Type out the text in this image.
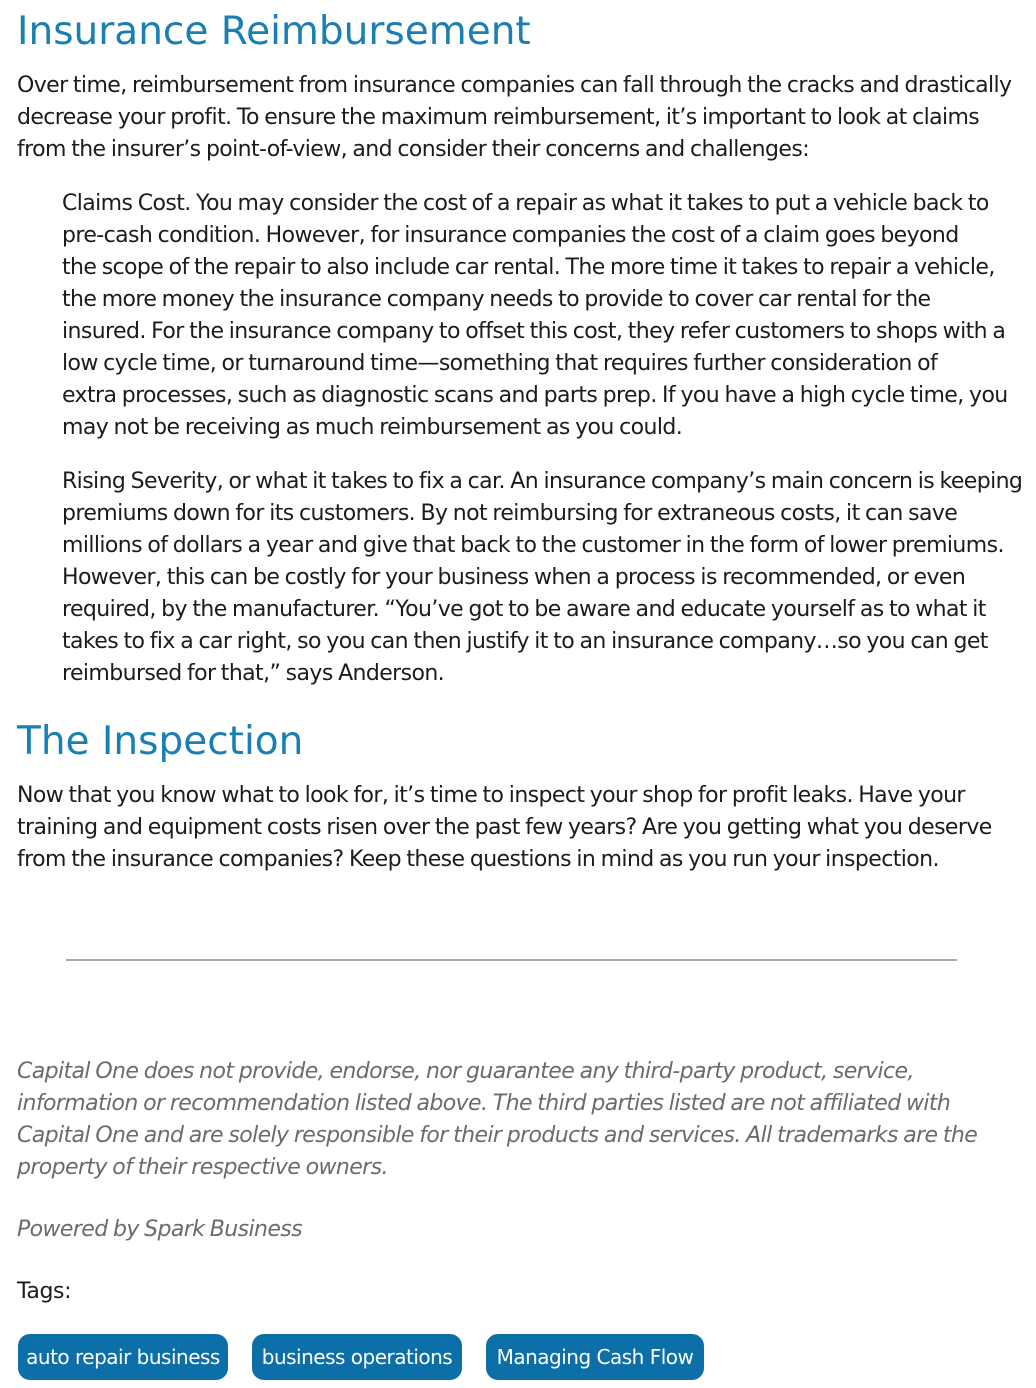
Insurance Reimbursement

Over time, reimbursement from insurance companies can fall through the cracks and drastically
decrease your profit. To ensure the maximum reimbursement, it’s important to look at claims
from the insurer’s point-of-view, and consider their concerns and challenges:

Claims Cost. You may consider the cost of a repair as what it takes to put a vehicle back to
pre-cash condition. However, for insurance companies the cost of a claim goes beyond
the scope of the repair to also include car rental. The more time it takes to repair a vehicle,
the more money the insurance company needs to provide to cover car rental for the
insured. For the insurance company to offset this cost, they refer customers to shops with a
low cycle time, or turnaround time—something that requires further consideration of
extra processes, such as diagnostic scans and parts prep. If you have a high cycle time, you
may not be receiving as much reimbursement as you could.

Rising Severity, or what it takes to fix a car. An insurance company’s main concern is keeping
premiums down for its customers. By not reimbursing for extraneous costs, it can save
millions of dollars a year and give that back to the customer in the form of lower premiums.
However, this can be costly for your business when a process is recommended, or even
required, by the manufacturer. “You’ve got to be aware and educate yourself as to what it
takes to fix a car right, so you can then justify it to an insurance company…so you can get
reimbursed for that,” says Anderson.

The Inspection

Now that you know what to look for, it’s time to inspect your shop for profit leaks. Have your
training and equipment costs risen over the past few years? Are you getting what you deserve
from the insurance companies? Keep these questions in mind as you run your inspection.

Capital One does not provide, endorse, nor guarantee any third-party product, service,
information or recommendation listed above. The third parties listed are not affiliated with
Capital One and are solely responsible for their products and services. All trademarks are the
property of their respective owners.

Powered by Spark Business

Tags:
auto repair business	business operations	Managing Cash Flow
